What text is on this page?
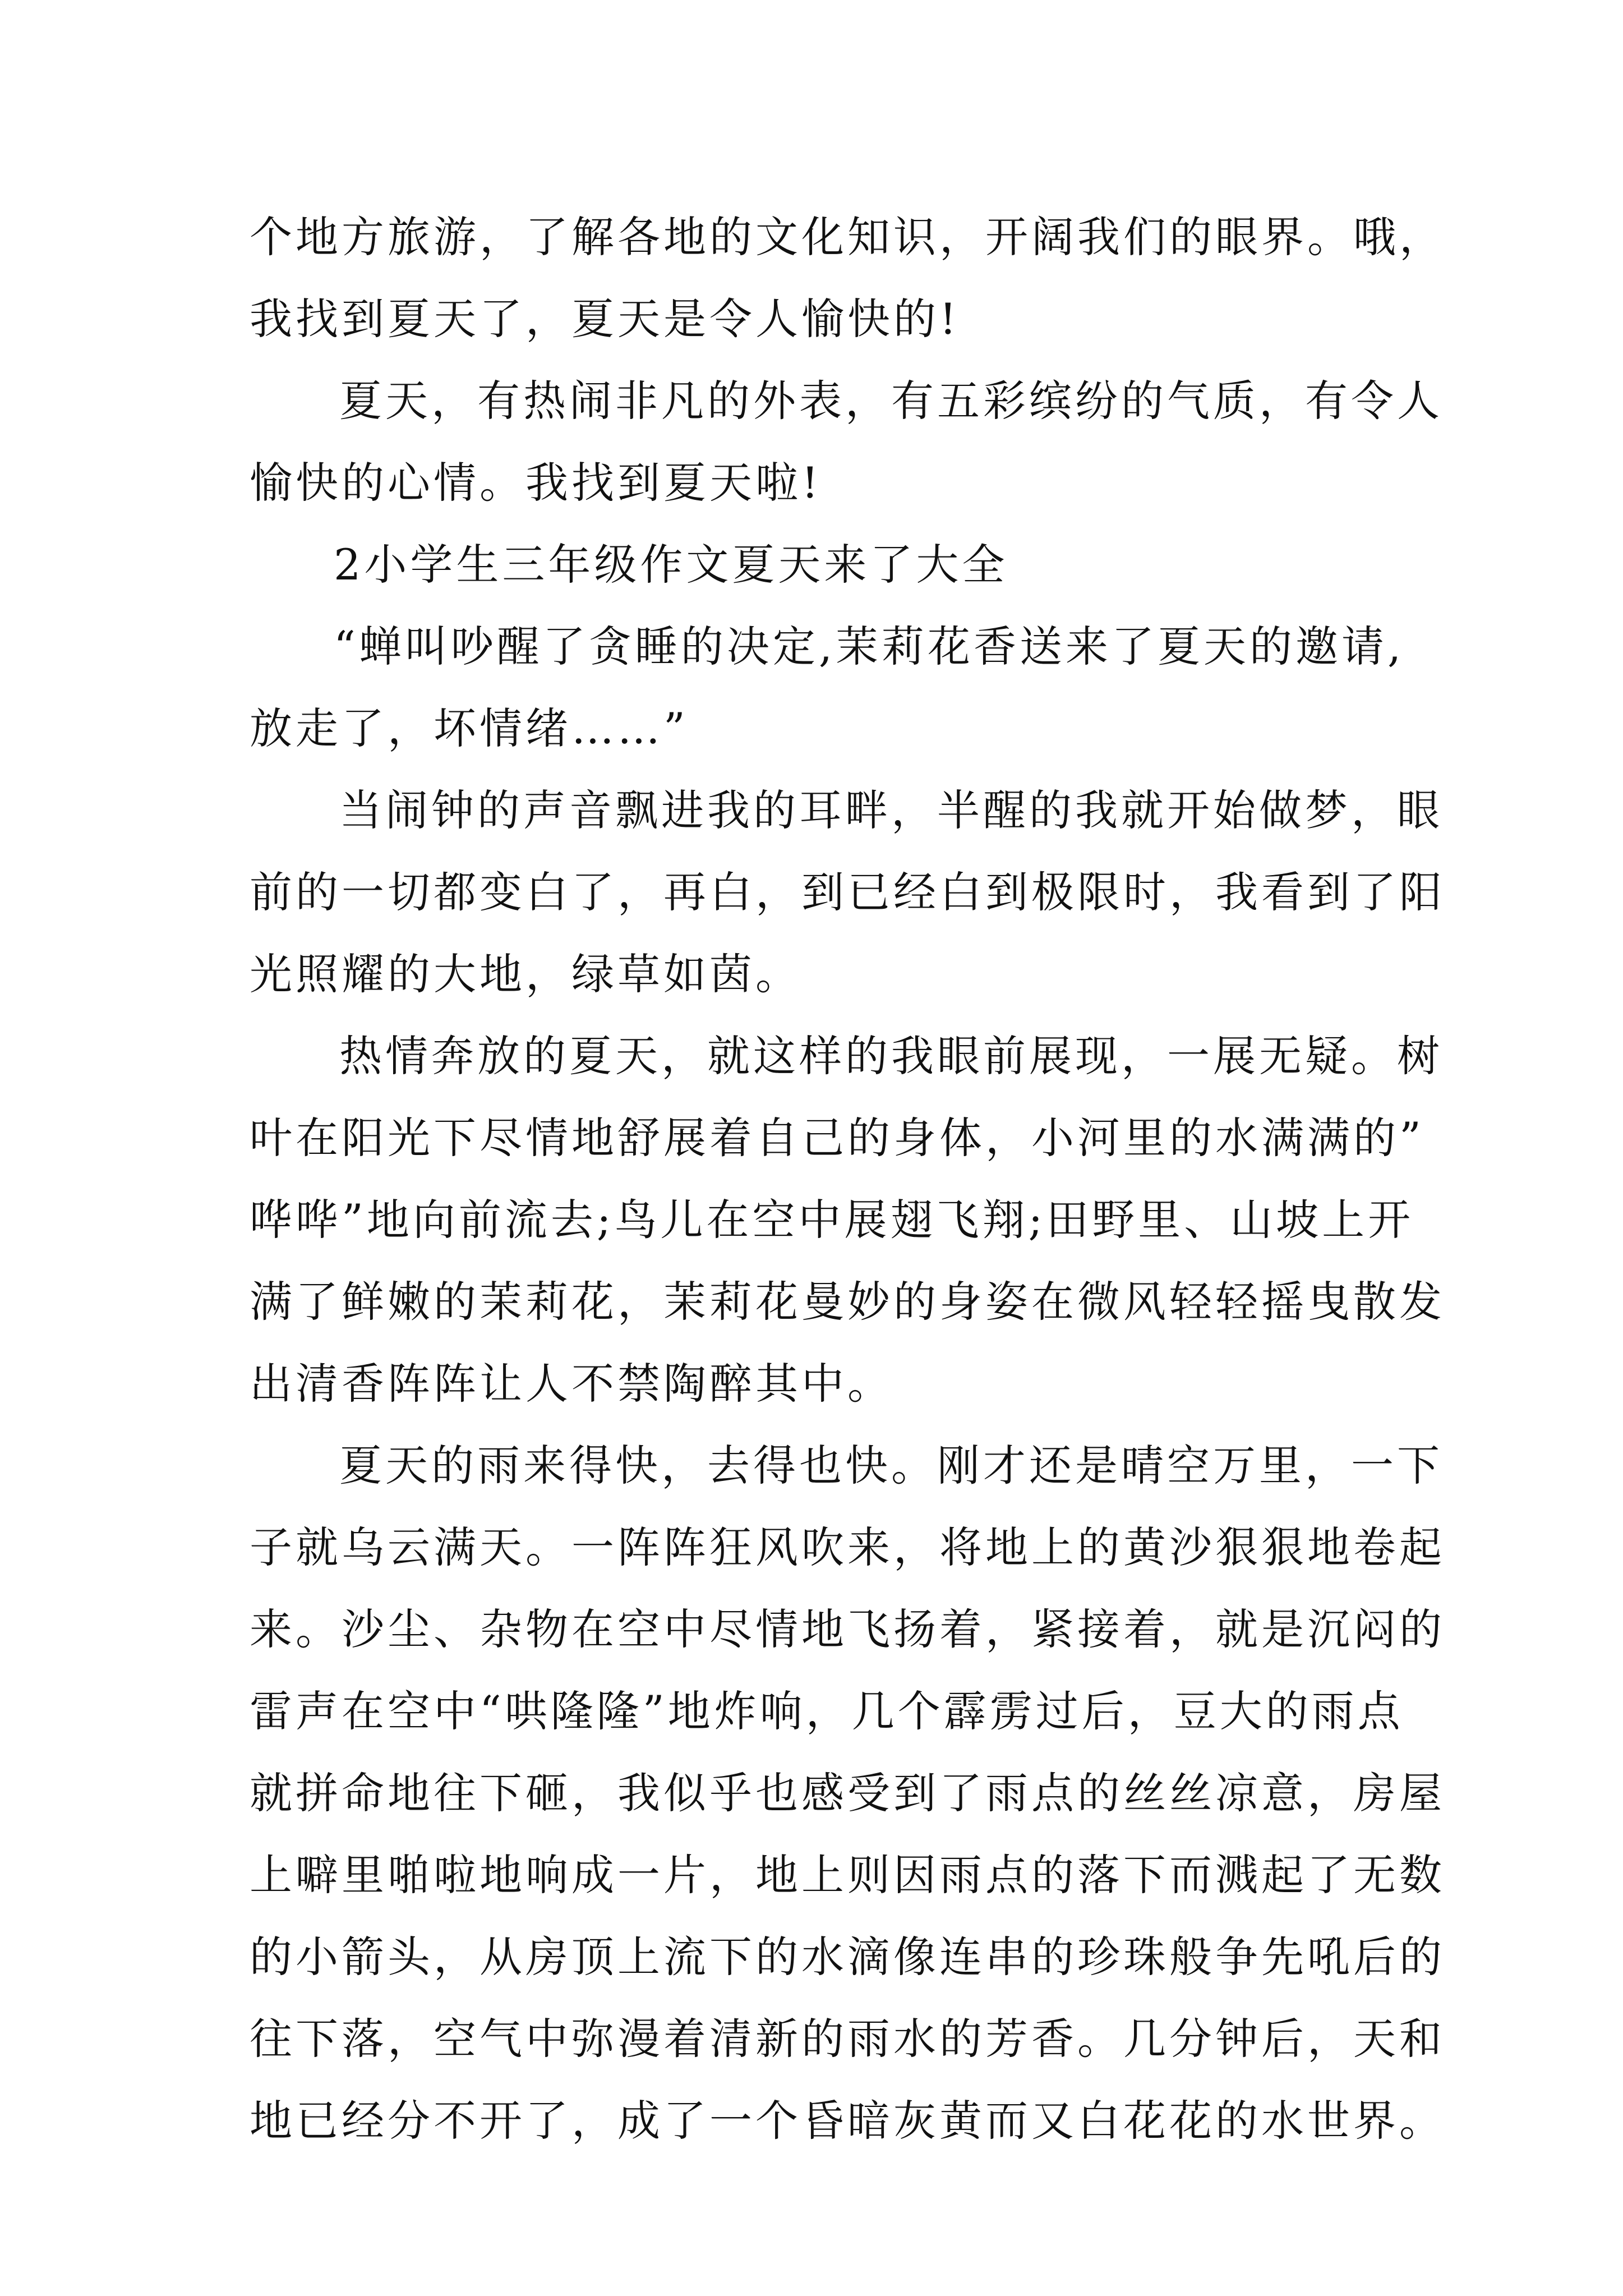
个地方旅游，了解各地的文化知识，开阔我们的眼界。哦，
我找到夏天了，夏天是令人愉快的!
夏天，有热闹非凡的外表，有五彩缤纷的气质，有令人
愉快的心情。我找到夏天啦!
2小学生三年级作文夏天来了大全
“蝉叫吵醒了贪睡的决定,茉莉花香送来了夏天的邀请,
放走了，坏情绪……”
当闹钟的声音飘进我的耳畔，半醒的我就开始做梦，眼
前的一切都变白了，再白，到已经白到极限时，我看到了阳
光照耀的大地，绿草如茵。
热情奔放的夏天，就这样的我眼前展现，一展无疑。树
叶在阳光下尽情地舒展着自己的身体，小河里的水满满的”
哗哗”地向前流去;鸟儿在空中展翅飞翔;田野里、山坡上开
满了鲜嫩的茉莉花，茉莉花曼妙的身姿在微风轻轻摇曳散发
出清香阵阵让人不禁陶醉其中。
夏天的雨来得快，去得也快。刚才还是晴空万里，一下
子就乌云满天。一阵阵狂风吹来，将地上的黄沙狠狠地卷起
来。沙尘、杂物在空中尽情地飞扬着，紧接着，就是沉闷的
雷声在空中“哄隆隆”地炸响，几个霹雳过后，豆大的雨点
就拼命地往下砸，我似乎也感受到了雨点的丝丝凉意，房屋
上噼里啪啦地响成一片，地上则因雨点的落下而溅起了无数
的小箭头，从房顶上流下的水滴像连串的珍珠般争先吼后的
往下落，空气中弥漫着清新的雨水的芳香。几分钟后，天和
地已经分不开了，成了一个昏暗灰黄而又白花花的水世界。
